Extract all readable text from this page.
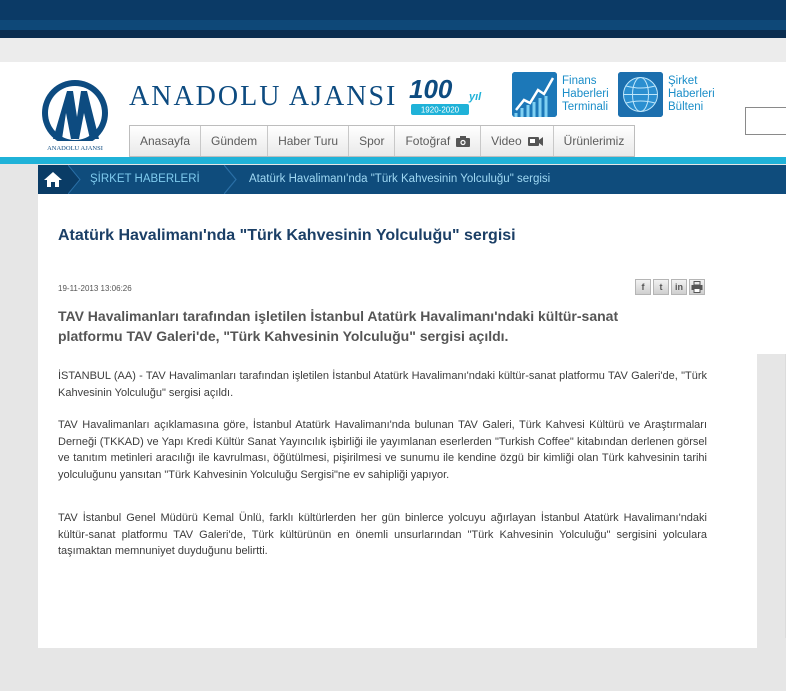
ANADOLU AJANSI
ANADOLU AJANSI 100 yıl
1920-2020
Finans
Haberleri
Terminali
Şirket
Haberleri
Bülteni
Anasayfa Gündem Haber Turu Spor Fotoğraf	Video	Ürünlerimiz
ŞİRKET HABERLERİ	Atatürk Havalimanı'nda "Türk Kahvesinin Yolculuğu" sergisi
Atatürk Havalimanı'nda "Türk Kahvesinin Yolculuğu" sergisi
19-11-2013 13:06:26	f	t	in

TAV Havalimanları tarafından işletilen İstanbul Atatürk Havalimanı'ndaki kültür-sanat platformu TAV Galeri'de, "Türk Kahvesinin Yolculuğu" sergisi açıldı.

İSTANBUL (AA) - TAV Havalimanları tarafından işletilen İstanbul Atatürk Havalimanı'ndaki kültür-sanat platformu TAV Galeri'de, "Türk Kahvesinin Yolculuğu" sergisi açıldı.

TAV Havalimanları açıklamasına göre, İstanbul Atatürk Havalimanı'nda bulunan TAV Galeri, Türk Kahvesi Kültürü ve Araştırmaları Derneği (TKKAD) ve Yapı Kredi Kültür Sanat Yayıncılık işbirliği ile yayımlanan eserlerden "Turkish Coffee" kitabından derlenen görsel ve tanıtım metinleri aracılığı ile kavrulması, öğütülmesi, pişirilmesi ve sunumu ile kendine özgü bir kimliği olan Türk kahvesinin tarihi yolculuğunu yansıtan "Türk Kahvesinin Yolculuğu Sergisi"ne ev sahipliği yapıyor.

TAV İstanbul Genel Müdürü Kemal Ünlü, farklı kültürlerden her gün binlerce yolcuyu ağırlayan İstanbul Atatürk Havalimanı'ndaki kültür-sanat platformu TAV Galeri'de, Türk kültürünün en önemli unsurlarından "Türk Kahvesinin Yolculuğu" sergisini yolculara taşımaktan memnuniyet duyduğunu belirtti.
